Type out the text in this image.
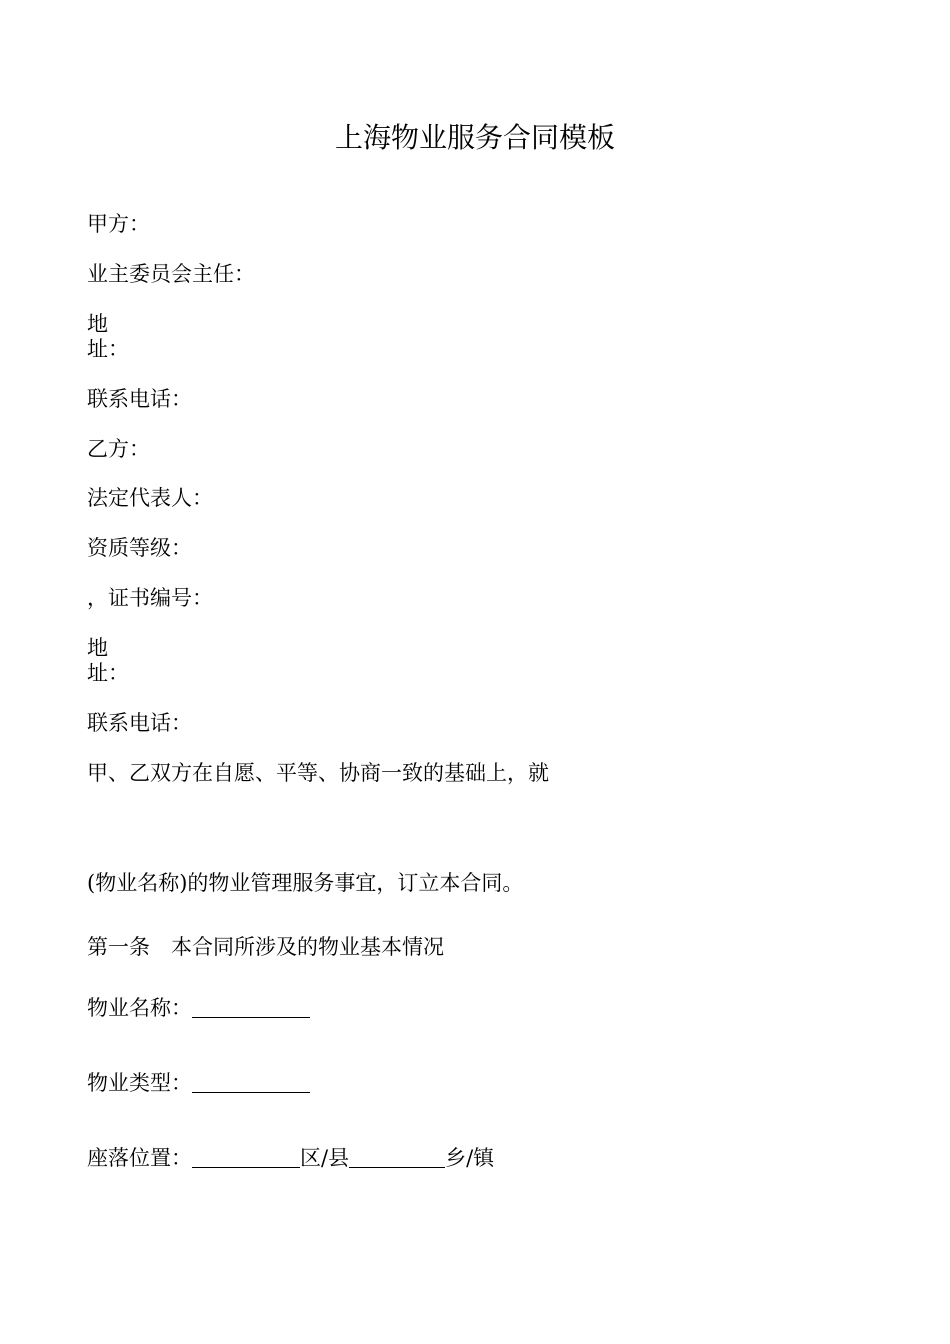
上海物业服务合同模板
甲方：
业主委员会主任：
地
址：
联系电话：
乙方：
法定代表人：
资质等级：
，证书编号：
地
址：
联系电话：
甲、乙双方在自愿、平等、协商一致的基础上，就
(物业名称)的物业管理服务事宜，订立本合同。
第一条　本合同所涉及的物业基本情况
物业名称：
物业类型：
座落位置：	区/县	乡/镇
